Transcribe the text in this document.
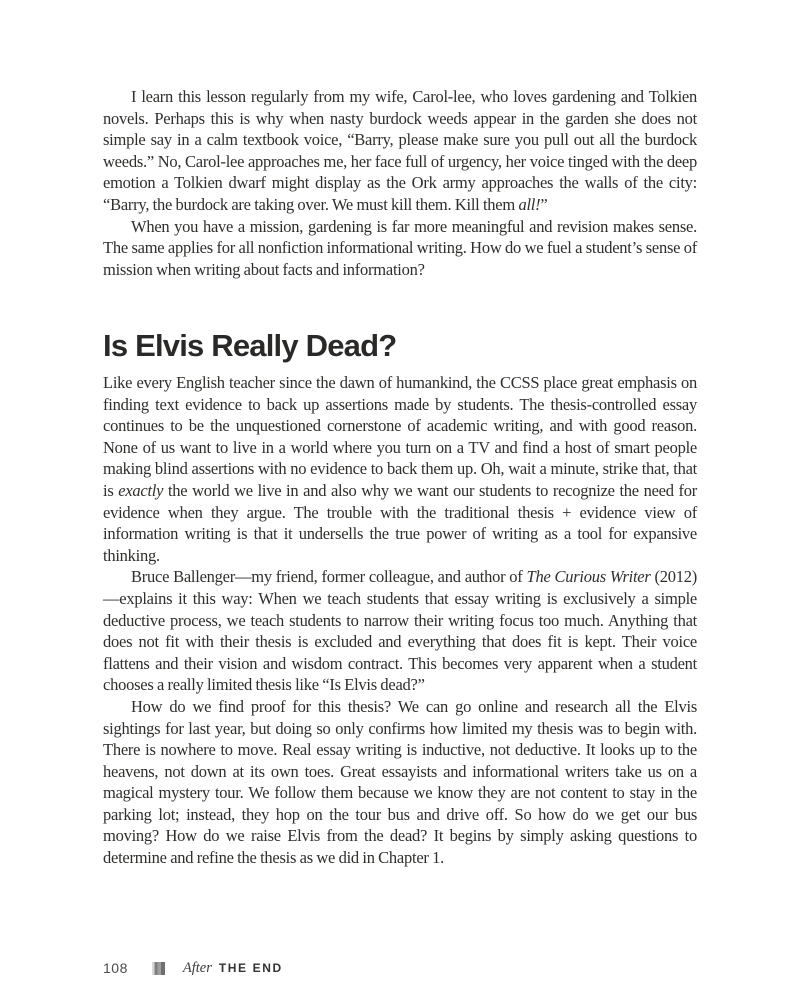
I learn this lesson regularly from my wife, Carol-lee, who loves gardening and Tolkien novels. Perhaps this is why when nasty burdock weeds appear in the garden she does not simple say in a calm textbook voice, “Barry, please make sure you pull out all the burdock weeds.” No, Carol-lee approaches me, her face full of urgency, her voice tinged with the deep emotion a Tolkien dwarf might display as the Ork army approaches the walls of the city: “Barry, the burdock are taking over. We must kill them. Kill them all!”

When you have a mission, gardening is far more meaningful and revision makes sense. The same applies for all nonfiction informational writing. How do we fuel a student’s sense of mission when writing about facts and information?

Is Elvis Really Dead?

Like every English teacher since the dawn of humankind, the CCSS place great emphasis on finding text evidence to back up assertions made by students. The thesis-controlled essay continues to be the unquestioned cornerstone of academic writing, and with good reason. None of us want to live in a world where you turn on a TV and find a host of smart people making blind assertions with no evidence to back them up. Oh, wait a minute, strike that, that is exactly the world we live in and also why we want our students to recognize the need for evidence when they argue. The trouble with the traditional thesis + evidence view of information writing is that it undersells the true power of writing as a tool for expansive thinking.

Bruce Ballenger—my friend, former colleague, and author of The Curious Writer (2012)—explains it this way: When we teach students that essay writing is exclusively a simple deductive process, we teach students to narrow their writing focus too much. Anything that does not fit with their thesis is excluded and everything that does fit is kept. Their voice flattens and their vision and wisdom contract. This becomes very apparent when a student chooses a really limited thesis like “Is Elvis dead?”

How do we find proof for this thesis? We can go online and research all the Elvis sightings for last year, but doing so only confirms how limited my thesis was to begin with. There is nowhere to move. Real essay writing is inductive, not deductive. It looks up to the heavens, not down at its own toes. Great essayists and informational writers take us on a magical mystery tour. We follow them because we know they are not content to stay in the parking lot; instead, they hop on the tour bus and drive off. So how do we get our bus moving? How do we raise Elvis from the dead? It begins by simply asking questions to determine and refine the thesis as we did in Chapter 1.

108	After THE END
